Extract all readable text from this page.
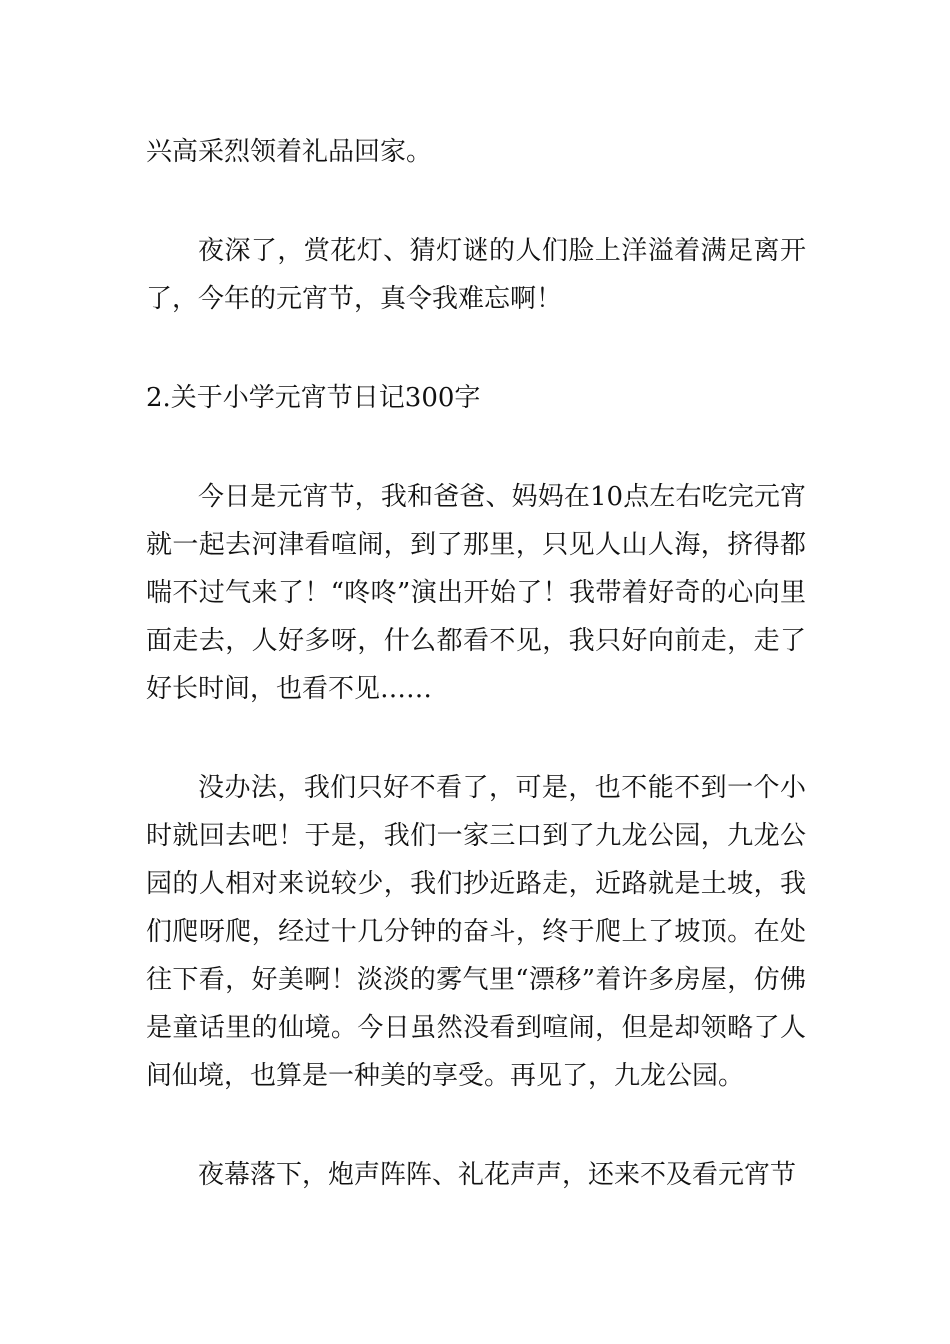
兴高采烈领着礼品回家。

夜深了，赏花灯、猜灯谜的人们脸上洋溢着满足离开了，今年的元宵节，真令我难忘啊！

2.关于小学元宵节日记300字

今日是元宵节，我和爸爸、妈妈在10点左右吃完元宵就一起去河津看喧闹，到了那里，只见人山人海，挤得都喘不过气来了！“咚咚”演出开始了！我带着好奇的心向里面走去，人好多呀，什么都看不见，我只好向前走，走了好长时间，也看不见……

没办法，我们只好不看了，可是，也不能不到一个小时就回去吧！于是，我们一家三口到了九龙公园，九龙公园的人相对来说较少，我们抄近路走，近路就是土坡，我们爬呀爬，经过十几分钟的奋斗，终于爬上了坡顶。在处往下看，好美啊！淡淡的雾气里“漂移”着许多房屋，仿佛是童话里的仙境。今日虽然没看到喧闹，但是却领略了人间仙境，也算是一种美的享受。再见了，九龙公园。

夜幕落下，炮声阵阵、礼花声声，还来不及看元宵节
